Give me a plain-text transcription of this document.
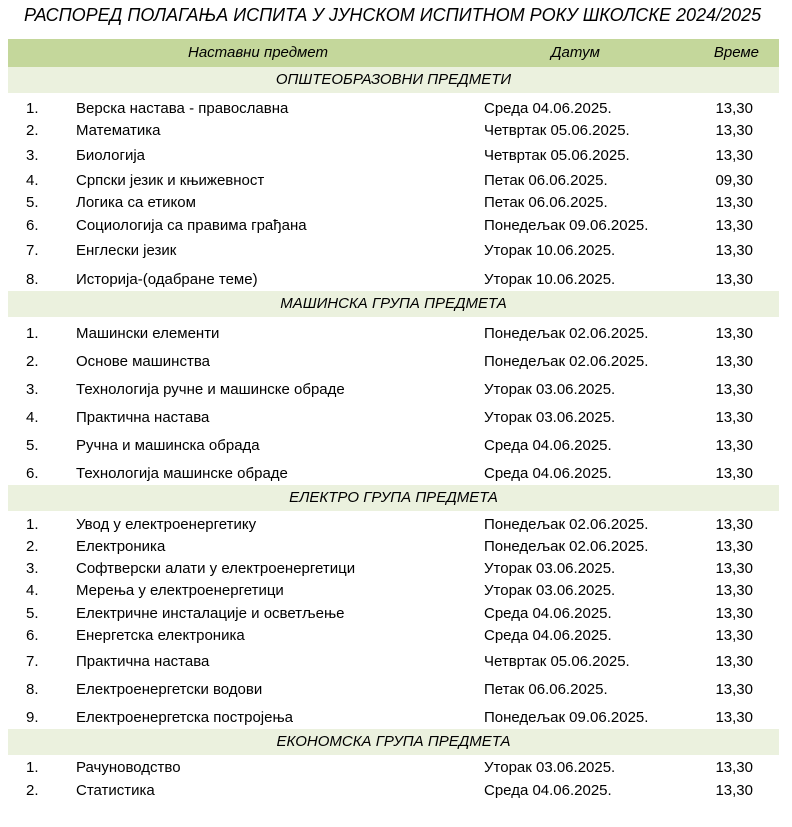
РАСПОРЕД ПОЛАГАЊА ИСПИТА У ЈУНСКОМ ИСПИТНОМ РОКУ ШКОЛСКЕ 2024/2025
Наставни предмет	Датум	Време
ОПШТЕОБРАЗОВНИ ПРЕДМЕТИ
1.	Верска настава - православна	Среда 04.06.2025.	13,30
2.	Математика	Четвртак 05.06.2025.	13,30
3.	Биологија	Четвртак 05.06.2025.	13,30
4.	Српски језик и књижевност	Петак 06.06.2025.	09,30
5.	Логика са етиком	Петак 06.06.2025.	13,30
6.	Социологија са правима грађана	Понедељак 09.06.2025.	13,30
7.	Енглески језик	Уторак 10.06.2025.	13,30
8.	Историја-(одабране теме)	Уторак 10.06.2025.	13,30
МАШИНСКА ГРУПА ПРЕДМЕТА
1.	Машински елементи	Понедељак 02.06.2025.	13,30
2.	Основе машинства	Понедељак 02.06.2025.	13,30
3.	Технологија ручне и машинске обраде	Уторак 03.06.2025.	13,30
4.	Практична настава	Уторак 03.06.2025.	13,30
5.	Ручна и машинска обрада	Среда 04.06.2025.	13,30
6.	Технологија машинске обраде	Среда 04.06.2025.	13,30
ЕЛЕКТРО ГРУПА ПРЕДМЕТА
1.	Увод у електроенергетику	Понедељак 02.06.2025.	13,30
2.	Електроника	Понедељак 02.06.2025.	13,30
3.	Софтверски алати у електроенергетици	Уторак 03.06.2025.	13,30
4.	Мерења у електроенергетици	Уторак 03.06.2025.	13,30
5.	Електричне инсталације и осветљење	Среда 04.06.2025.	13,30
6.	Енергетска електроника	Среда 04.06.2025.	13,30
7.	Практична настава	Четвртак 05.06.2025.	13,30
8.	Електроенергетски водови	Петак 06.06.2025.	13,30
9.	Електроенергетска постројења	Понедељак 09.06.2025.	13,30
ЕКОНОМСКА ГРУПА ПРЕДМЕТА
1.	Рачуноводство	Уторак 03.06.2025.	13,30
2.	Статистика	Среда 04.06.2025.	13,30
